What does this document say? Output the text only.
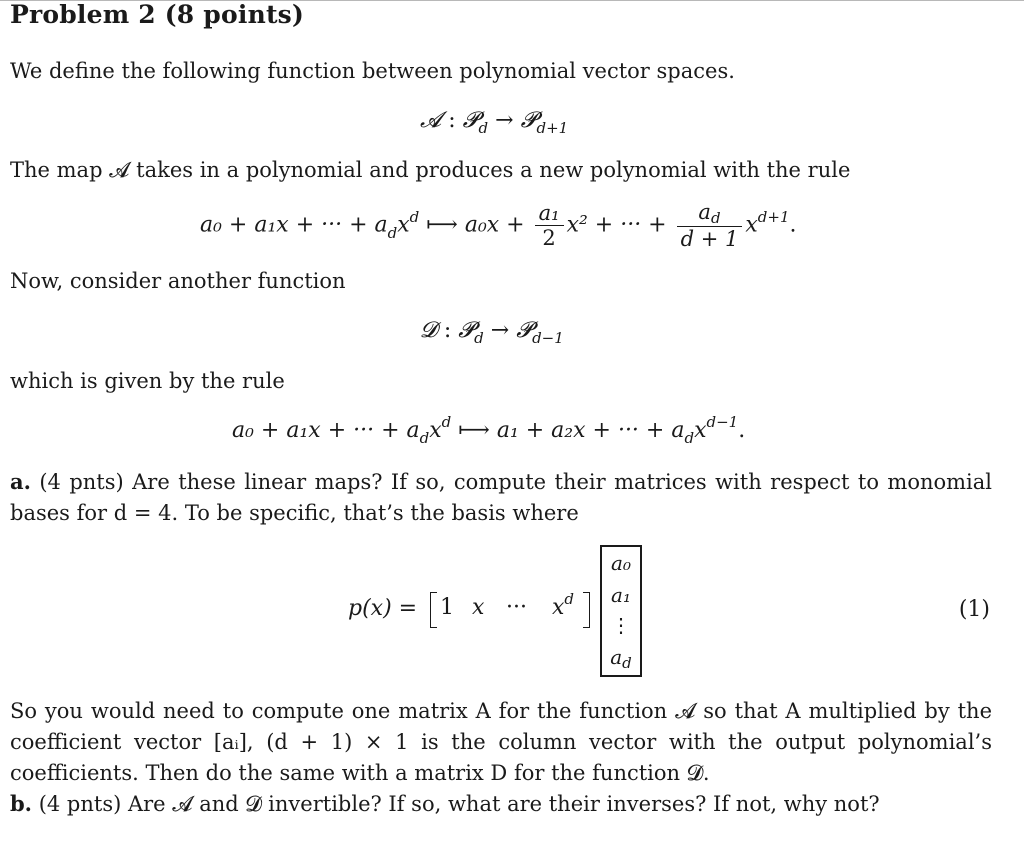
Problem 2 (8 points)
We define the following function between polynomial vector spaces.
𝓐 : 𝓟$_d$ → 𝓟$_{d+1}$
The map 𝓐 takes in a polynomial and produces a new polynomial with the rule
a₀ + a₁x + ··· + $a_dx^d$ ⟼ $a_0x + \frac{\text{a₁}}{2} x^2$ + ··· + $\frac{ad}{d + 1} x^{d+1}$.
Now, consider another function
𝓓 : 𝓟$_d$ → 𝓟$_{d-1}$
which is given by the rule
a₀ + a₁x + ··· + $a_dx^d$ ⟼ a₁ + a₂x + ··· + $a_dx^{d-1}$.
a. (4 pnts) Are these linear maps? If so, compute their matrices with respect to monomial bases for d = 4. To be specific, that’s the basis where
p(x) = 1 x ··· $x^d$
a₀
a₁
⋮
$a_d$
(1)
So you would need to compute one matrix A for the function 𝓐 so that A multiplied by the coefficient vector [aᵢ], (d + 1) × 1 is the column vector with the output polynomial’s coefficients. Then do the same with a matrix D for the function 𝓓.
b. (4 pnts) Are 𝓐 and 𝓓 invertible? If so, what are their inverses? If not, why not?
